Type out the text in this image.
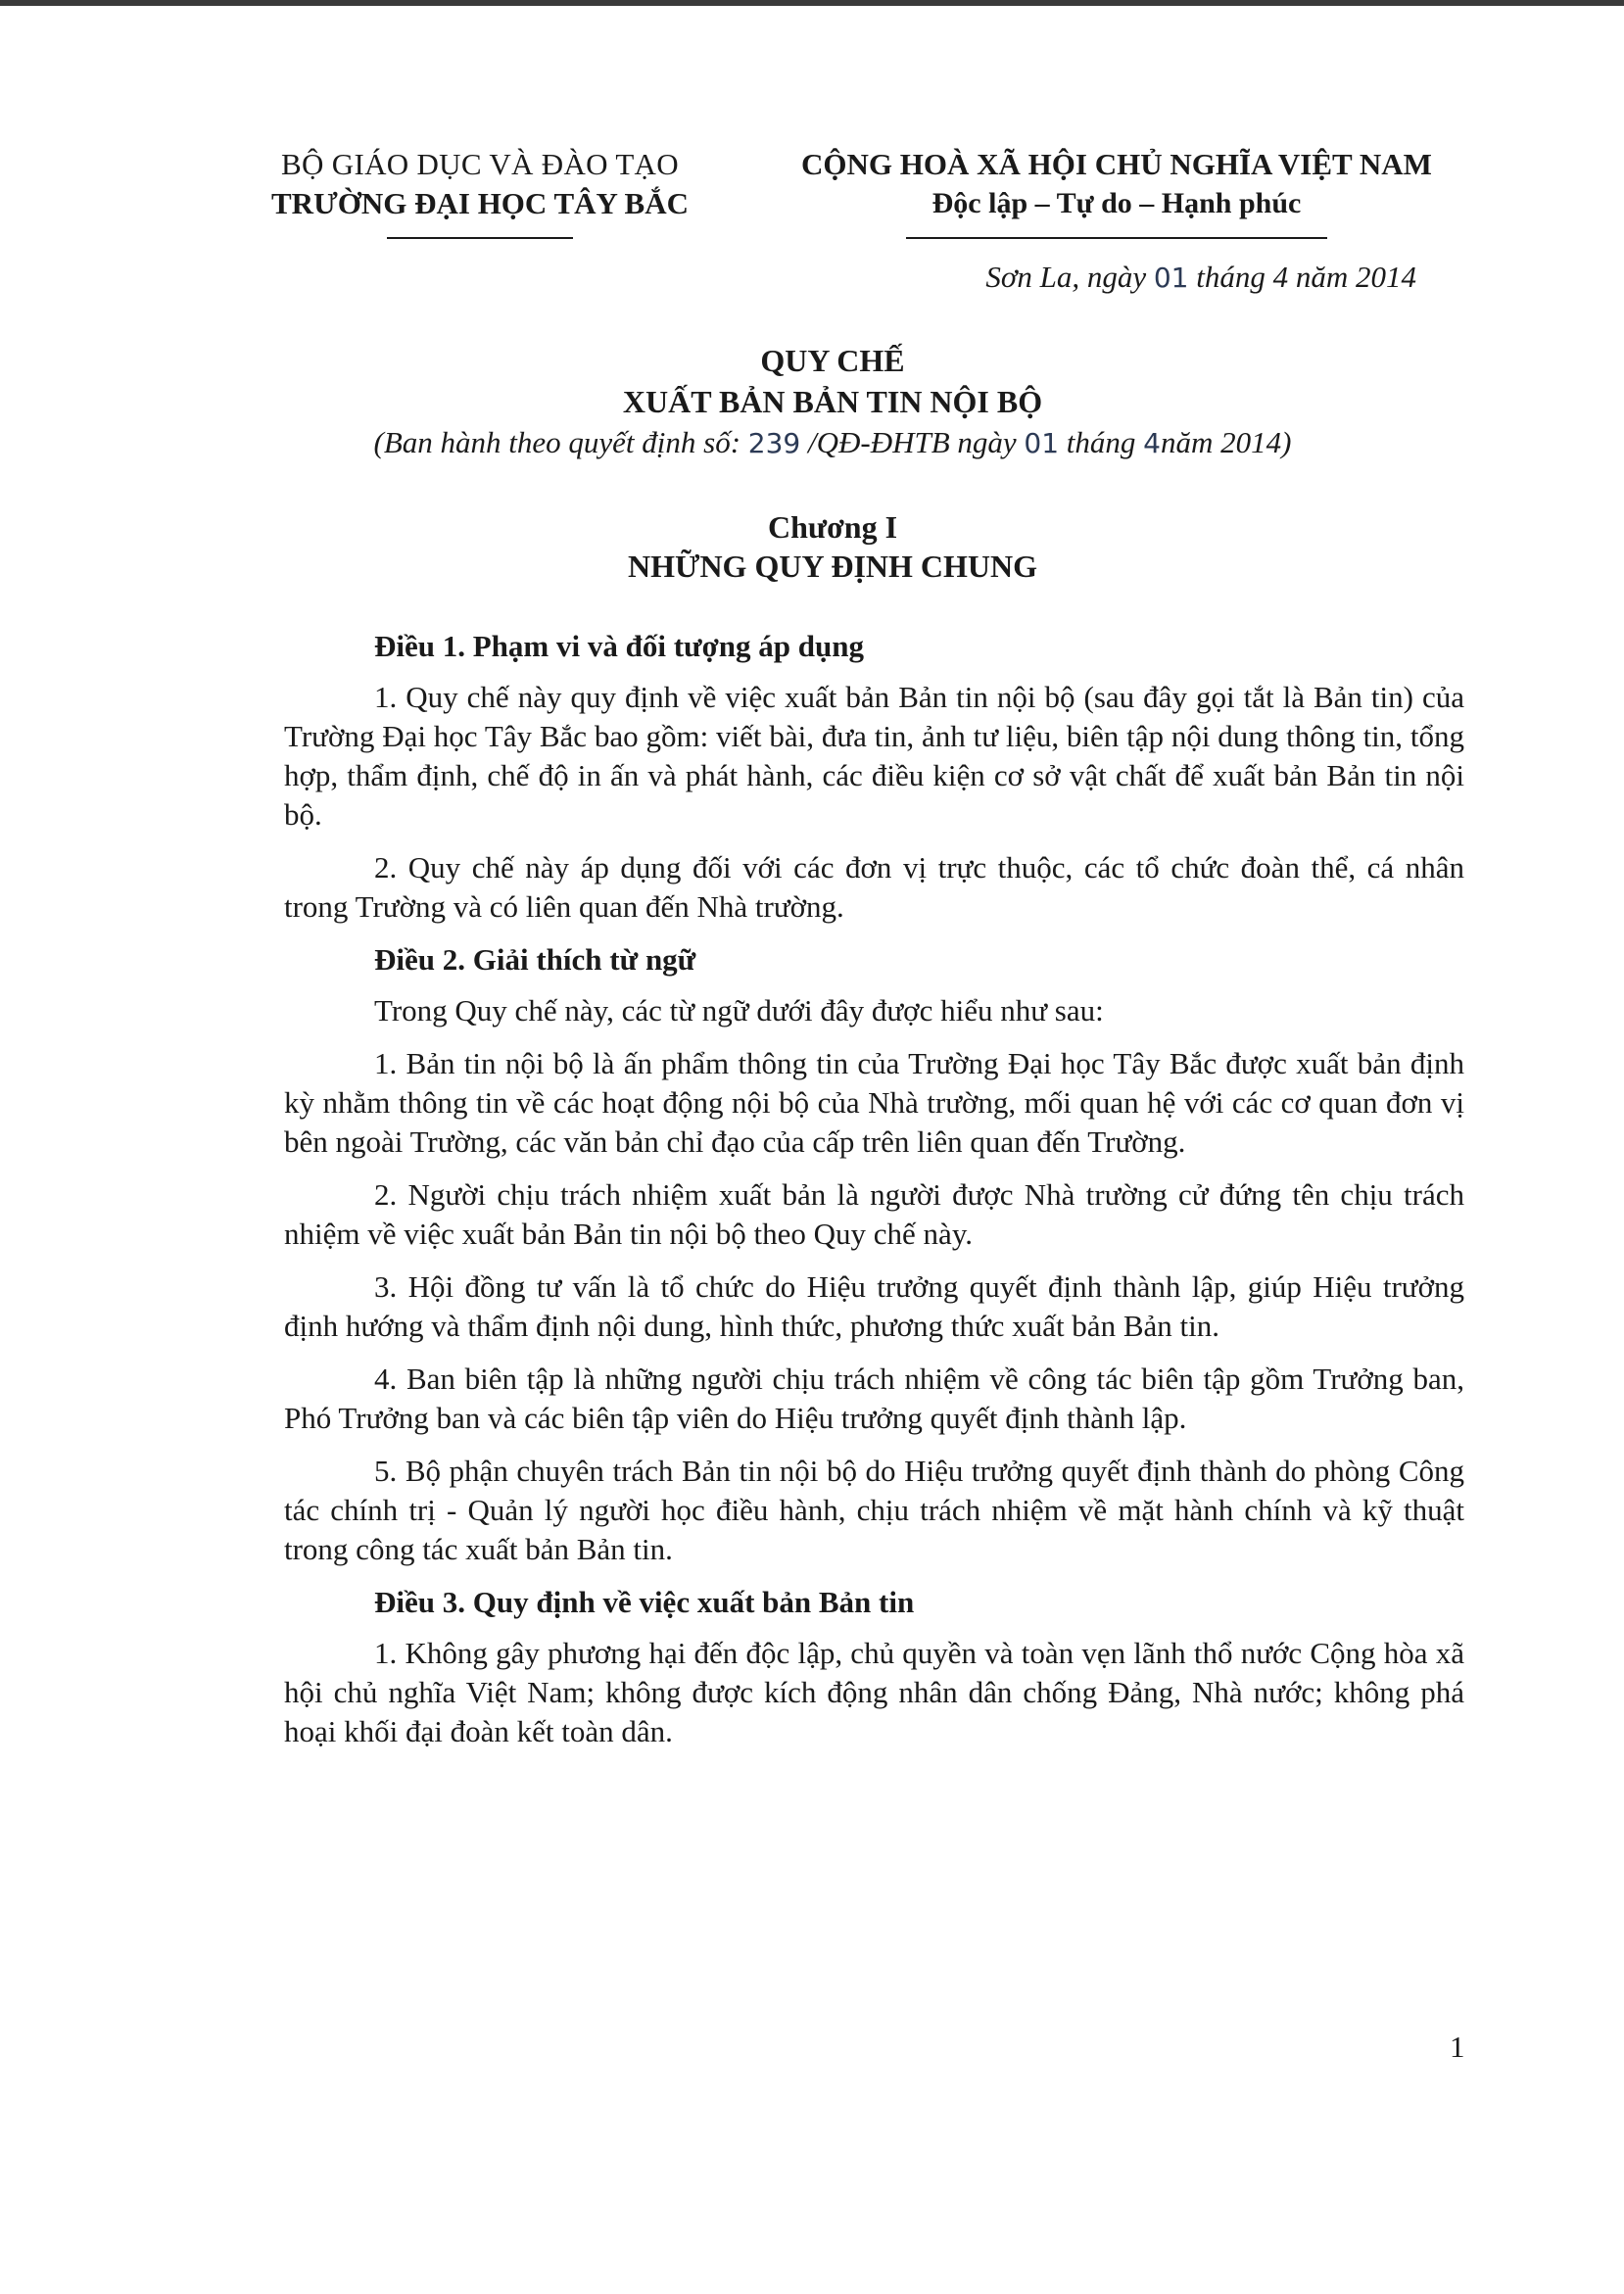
BỘ GIÁO DỤC VÀ ĐÀO TẠO
TRƯỜNG ĐẠI HỌC TÂY BẮC
CỘNG HOÀ XÃ HỘI CHỦ NGHĨA VIỆT NAM
Độc lập – Tự do – Hạnh phúc
Sơn La, ngày 01 tháng 4 năm 2014
QUY CHẾ
XUẤT BẢN BẢN TIN NỘI BỘ
(Ban hành theo quyết định số: 239 /QĐ-ĐHTB ngày 01 tháng 4năm 2014)
Chương I
NHỮNG QUY ĐỊNH CHUNG
Điều 1. Phạm vi và đối tượng áp dụng
1. Quy chế này quy định về việc xuất bản Bản tin nội bộ (sau đây gọi tắt là Bản tin) của Trường Đại học Tây Bắc bao gồm: viết bài, đưa tin, ảnh tư liệu, biên tập nội dung thông tin, tổng hợp, thẩm định, chế độ in ấn và phát hành, các điều kiện cơ sở vật chất để xuất bản Bản tin nội bộ.
2. Quy chế này áp dụng đối với các đơn vị trực thuộc, các tổ chức đoàn thể, cá nhân trong Trường và có liên quan đến Nhà trường.
Điều 2. Giải thích từ ngữ
Trong Quy chế này, các từ ngữ dưới đây được hiểu như sau:
1. Bản tin nội bộ là ấn phẩm thông tin của Trường Đại học Tây Bắc được xuất bản định kỳ nhằm thông tin về các hoạt động nội bộ của Nhà trường, mối quan hệ với các cơ quan đơn vị bên ngoài Trường, các văn bản chỉ đạo của cấp trên liên quan đến Trường.
2. Người chịu trách nhiệm xuất bản là người được Nhà trường cử đứng tên chịu trách nhiệm về việc xuất bản Bản tin nội bộ theo Quy chế này.
3. Hội đồng tư vấn là tổ chức do Hiệu trưởng quyết định thành lập, giúp Hiệu trưởng định hướng và thẩm định nội dung, hình thức, phương thức xuất bản Bản tin.
4. Ban biên tập là những người chịu trách nhiệm về công tác biên tập gồm Trưởng ban, Phó Trưởng ban và các biên tập viên do Hiệu trưởng quyết định thành lập.
5. Bộ phận chuyên trách Bản tin nội bộ do Hiệu trưởng quyết định thành do phòng Công tác chính trị - Quản lý người học điều hành, chịu trách nhiệm về mặt hành chính và kỹ thuật trong công tác xuất bản Bản tin.
Điều 3. Quy định về việc xuất bản Bản tin
1. Không gây phương hại đến độc lập, chủ quyền và toàn vẹn lãnh thổ nước Cộng hòa xã hội chủ nghĩa Việt Nam; không được kích động nhân dân chống Đảng, Nhà nước; không phá hoại khối đại đoàn kết toàn dân.
1
